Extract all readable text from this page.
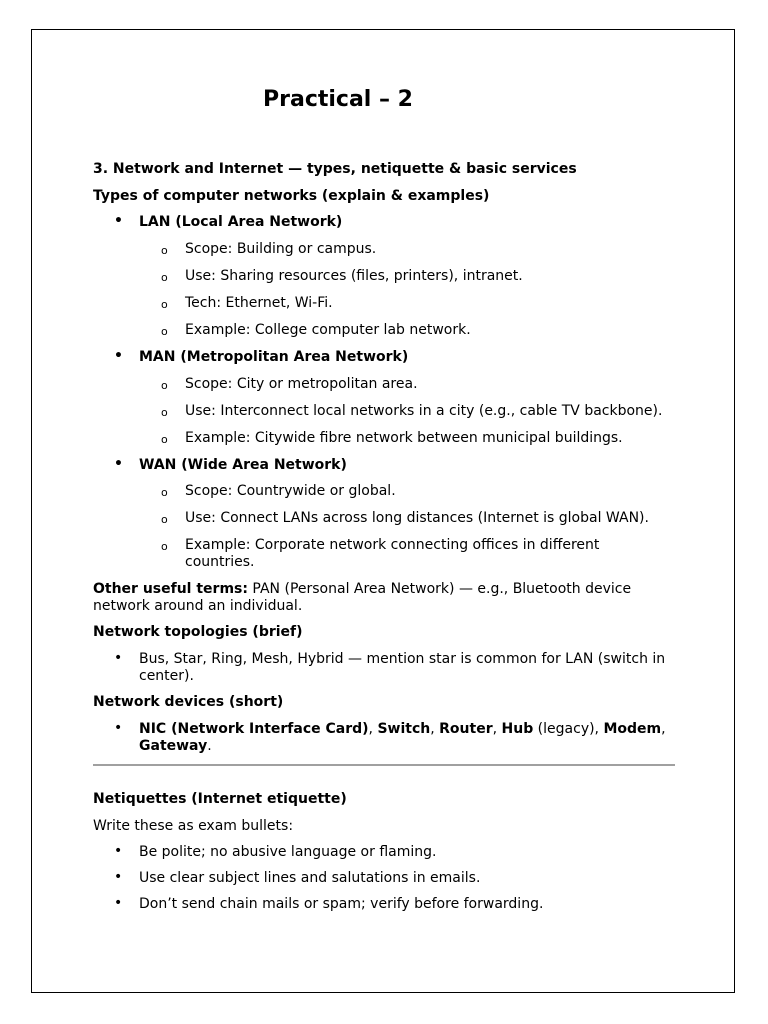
Practical – 2
3. Network and Internet — types, netiquette & basic services
Types of computer networks (explain & examples)
• LAN (Local Area Network)
o Scope: Building or campus.
o Use: Sharing resources (files, printers), intranet.
o Tech: Ethernet, Wi-Fi.
o Example: College computer lab network.
• MAN (Metropolitan Area Network)
o Scope: City or metropolitan area.
o Use: Interconnect local networks in a city (e.g., cable TV backbone).
o Example: Citywide fibre network between municipal buildings.
• WAN (Wide Area Network)
o Scope: Countrywide or global.
o Use: Connect LANs across long distances (Internet is global WAN).
o Example: Corporate network connecting offices in different countries.
Other useful terms: PAN (Personal Area Network) — e.g., Bluetooth device network around an individual.
Network topologies (brief)
• Bus, Star, Ring, Mesh, Hybrid — mention star is common for LAN (switch in center).
Network devices (short)
• NIC (Network Interface Card), Switch, Router, Hub (legacy), Modem, Gateway.
Netiquettes (Internet etiquette)
Write these as exam bullets:
• Be polite; no abusive language or flaming.
• Use clear subject lines and salutations in emails.
• Don’t send chain mails or spam; verify before forwarding.
